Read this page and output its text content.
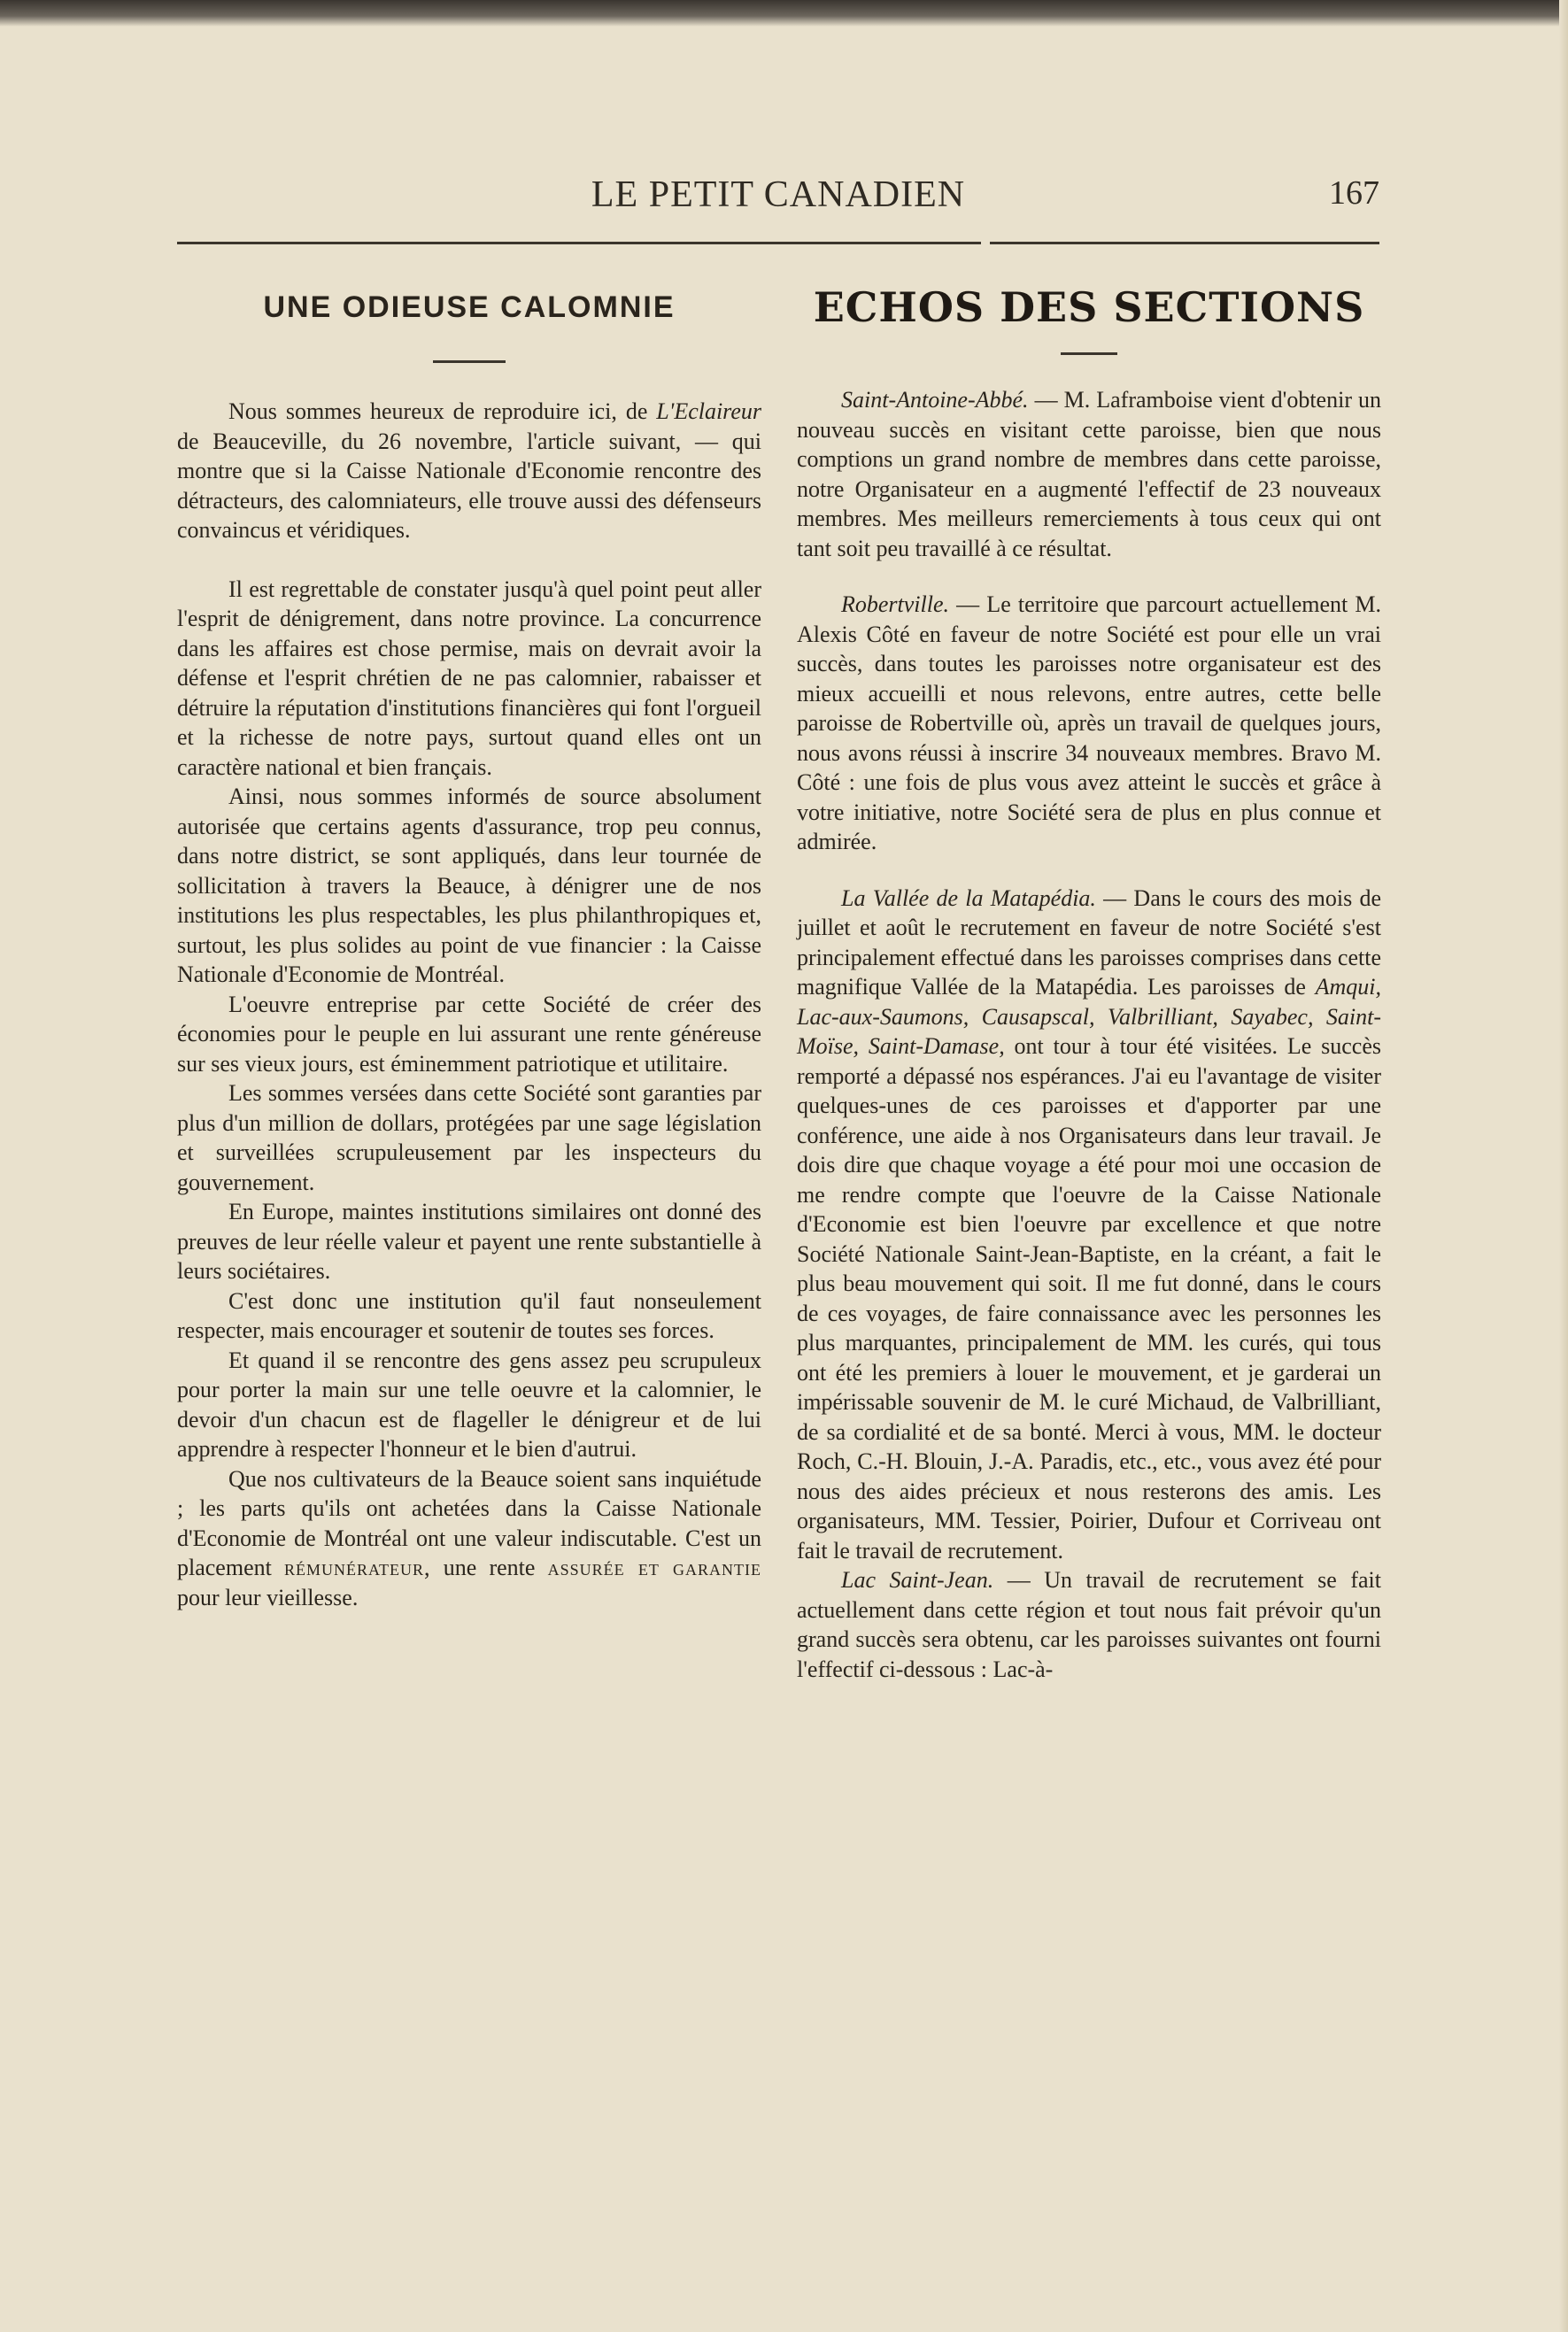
LE PETIT CANADIEN	167
UNE ODIEUSE CALOMNIE

Nous sommes heureux de reproduire ici, de L'Eclaireur de Beauceville, du 26 novembre, l'article suivant, — qui montre que si la Caisse Nationale d'Economie rencontre des détracteurs, des calomniateurs, elle trouve aussi des défenseurs convaincus et véridiques.

Il est regrettable de constater jusqu'à quel point peut aller l'esprit de dénigrement, dans notre province. La concurrence dans les affaires est chose permise, mais on devrait avoir la défense et l'esprit chrétien de ne pas calomnier, rabaisser et détruire la réputation d'institutions financières qui font l'orgueil et la richesse de notre pays, surtout quand elles ont un caractère national et bien français.

Ainsi, nous sommes informés de source absolument autorisée que certains agents d'assurance, trop peu connus, dans notre district, se sont appliqués, dans leur tournée de sollicitation à travers la Beauce, à dénigrer une de nos institutions les plus respectables, les plus philanthropiques et, surtout, les plus solides au point de vue financier : la Caisse Nationale d'Economie de Montréal.

L'oeuvre entreprise par cette Société de créer des économies pour le peuple en lui assurant une rente généreuse sur ses vieux jours, est éminemment patriotique et utilitaire.

Les sommes versées dans cette Société sont garanties par plus d'un million de dollars, protégées par une sage législation et surveillées scrupuleusement par les inspecteurs du gouvernement.

En Europe, maintes institutions similaires ont donné des preuves de leur réelle valeur et payent une rente substantielle à leurs sociétaires.

C'est donc une institution qu'il faut nonseulement respecter, mais encourager et soutenir de toutes ses forces.

Et quand il se rencontre des gens assez peu scrupuleux pour porter la main sur une telle oeuvre et la calomnier, le devoir d'un chacun est de flageller le dénigreur et de lui apprendre à respecter l'honneur et le bien d'autrui.

Que nos cultivateurs de la Beauce soient sans inquiétude ; les parts qu'ils ont achetées dans la Caisse Nationale d'Economie de Montréal ont une valeur indiscutable. C'est un placement rémunérateur, une rente assurée et garantie pour leur vieillesse.

ECHOS DES SECTIONS

Saint-Antoine-Abbé. — M. Laframboise vient d'obtenir un nouveau succès en visitant cette paroisse, bien que nous comptions un grand nombre de membres dans cette paroisse, notre Organisateur en a augmenté l'effectif de 23 nouveaux membres. Mes meilleurs remerciements à tous ceux qui ont tant soit peu travaillé à ce résultat.

Robertville. — Le territoire que parcourt actuellement M. Alexis Côté en faveur de notre Société est pour elle un vrai succès, dans toutes les paroisses notre organisateur est des mieux accueilli et nous relevons, entre autres, cette belle paroisse de Robertville où, après un travail de quelques jours, nous avons réussi à inscrire 34 nouveaux membres. Bravo M. Côté : une fois de plus vous avez atteint le succès et grâce à votre initiative, notre Société sera de plus en plus connue et admirée.

La Vallée de la Matapédia. — Dans le cours des mois de juillet et août le recrutement en faveur de notre Société s'est principalement effectué dans les paroisses comprises dans cette magnifique Vallée de la Matapédia. Les paroisses de Amqui, Lac-aux-Saumons, Causapscal, Valbrilliant, Sayabec, Saint-Moïse, Saint-Damase, ont tour à tour été visitées. Le succès remporté a dépassé nos espérances. J'ai eu l'avantage de visiter quelques-unes de ces paroisses et d'apporter par une conférence, une aide à nos Organisateurs dans leur travail. Je dois dire que chaque voyage a été pour moi une occasion de me rendre compte que l'oeuvre de la Caisse Nationale d'Economie est bien l'oeuvre par excellence et que notre Société Nationale Saint-Jean-Baptiste, en la créant, a fait le plus beau mouvement qui soit. Il me fut donné, dans le cours de ces voyages, de faire connaissance avec les personnes les plus marquantes, principalement de MM. les curés, qui tous ont été les premiers à louer le mouvement, et je garderai un impérissable souvenir de M. le curé Michaud, de Valbrilliant, de sa cordialité et de sa bonté. Merci à vous, MM. le docteur Roch, C.-H. Blouin, J.-A. Paradis, etc., etc., vous avez été pour nous des aides précieux et nous resterons des amis. Les organisateurs, MM. Tessier, Poirier, Dufour et Corriveau ont fait le travail de recrutement.

Lac Saint-Jean. — Un travail de recrutement se fait actuellement dans cette région et tout nous fait prévoir qu'un grand succès sera obtenu, car les paroisses suivantes ont fourni l'effectif ci-dessous : Lac-à-
